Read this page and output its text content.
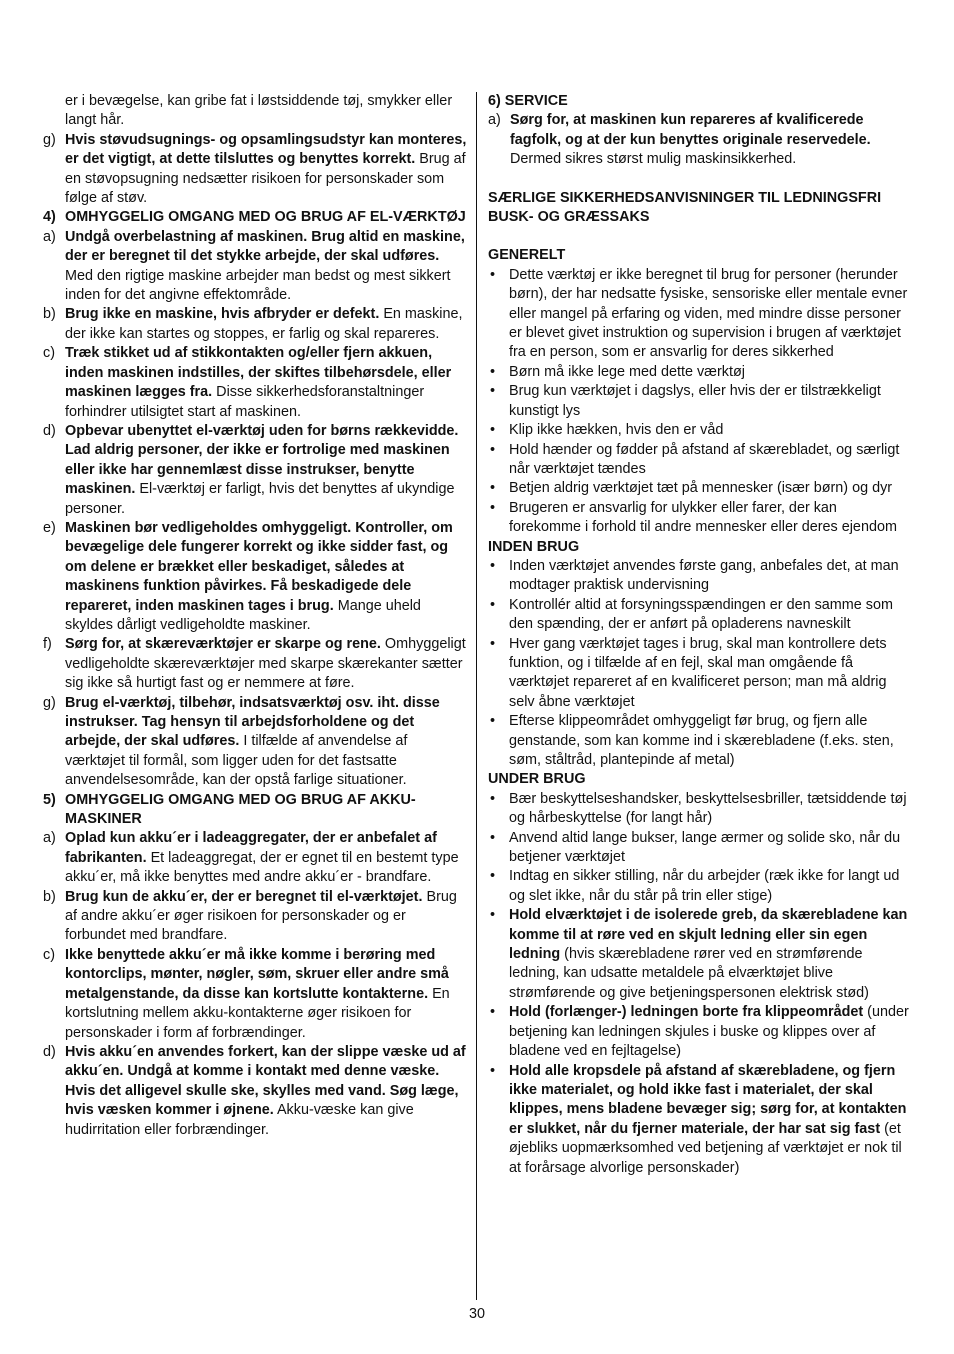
er i bevægelse, kan gribe fat i løstsiddende tøj, smykker eller langt hår.
g) Hvis støvudsugnings- og opsamlingsudstyr kan monteres, er det vigtigt, at dette tilsluttes og benyttes korrekt. Brug af en støvopsugning nedsætter risikoen for personskader som følge af støv.
4) OMHYGGELIG OMGANG MED OG BRUG AF EL-VÆRKTØJ
a) Undgå overbelastning af maskinen. Brug altid en maskine, der er beregnet til det stykke arbejde, der skal udføres. Med den rigtige maskine arbejder man bedst og mest sikkert inden for det angivne effektområde.
b) Brug ikke en maskine, hvis afbryder er defekt. En maskine, der ikke kan startes og stoppes, er farlig og skal repareres.
c) Træk stikket ud af stikkontakten og/eller fjern akkuen, inden maskinen indstilles, der skiftes tilbehørsdele, eller maskinen lægges fra. Disse sikkerhedsforanstaltninger forhindrer utilsigtet start af maskinen.
d) Opbevar ubenyttet el-værktøj uden for børns rækkevidde. Lad aldrig personer, der ikke er fortrolige med maskinen eller ikke har gennemlæst disse instrukser, benytte maskinen. El-værktøj er farligt, hvis det benyttes af ukyndige personer.
e) Maskinen bør vedligeholdes omhyggeligt. Kontroller, om bevægelige dele fungerer korrekt og ikke sidder fast, og om delene er brækket eller beskadiget, således at maskinens funktion påvirkes. Få beskadigede dele repareret, inden maskinen tages i brug. Mange uheld skyldes dårligt vedligeholdte maskiner.
f) Sørg for, at skæreværktøjer er skarpe og rene. Omhyggeligt vedligeholdte skæreværktøjer med skarpe skærekanter sætter sig ikke så hurtigt fast og er nemmere at føre.
g) Brug el-værktøj, tilbehør, indsatsværktøj osv. iht. disse instrukser. Tag hensyn til arbejdsforholdene og det arbejde, der skal udføres. I tilfælde af anvendelse af værktøjet til formål, som ligger uden for det fastsatte anvendelsesområde, kan der opstå farlige situationer.
5) OMHYGGELIG OMGANG MED OG BRUG AF AKKU-MASKINER
a) Oplad kun akku´er i ladeaggregater, der er anbefalet af fabrikanten. Et ladeaggregat, der er egnet til en bestemt type akku´er, må ikke benyttes med andre akku´er - brandfare.
b) Brug kun de akku´er, der er beregnet til el-værktøjet. Brug af andre akku´er øger risikoen for personskader og er forbundet med brandfare.
c) Ikke benyttede akku´er må ikke komme i berøring med kontorclips, mønter, nøgler, søm, skruer eller andre små metalgenstande, da disse kan kortslutte kontakterne. En kortslutning mellem akku-kontakterne øger risikoen for personskader i form af forbrændinger.
d) Hvis akku´en anvendes forkert, kan der slippe væske ud af akku´en. Undgå at komme i kontakt med denne væske. Hvis det alligevel skulle ske, skylles med vand. Søg læge, hvis væsken kommer i øjnene. Akku-væske kan give hudirritation eller forbrændinger.
6) SERVICE
a) Sørg for, at maskinen kun repareres af kvalificerede fagfolk, og at der kun benyttes originale reservedele. Dermed sikres størst mulig maskinsikkerhed.
SÆRLIGE SIKKERHEDSANVISNINGER TIL LEDNINGSFRI BUSK- OG GRÆSSAKS
GENERELT
• Dette værktøj er ikke beregnet til brug for personer (herunder børn), der har nedsatte fysiske, sensoriske eller mentale evner eller mangel på erfaring og viden, med mindre disse personer er blevet givet instruktion og supervision i brugen af værktøjet fra en person, som er ansvarlig for deres sikkerhed
• Børn må ikke lege med dette værktøj
• Brug kun værktøjet i dagslys, eller hvis der er tilstrækkeligt kunstigt lys
• Klip ikke hækken, hvis den er våd
• Hold hænder og fødder på afstand af skærebladet, og særligt når værktøjet tændes
• Betjen aldrig værktøjet tæt på mennesker (især børn) og dyr
• Brugeren er ansvarlig for ulykker eller farer, der kan forekomme i forhold til andre mennesker eller deres ejendom
INDEN BRUG
• Inden værktøjet anvendes første gang, anbefales det, at man modtager praktisk undervisning
• Kontrollér altid at forsyningsspændingen er den samme som den spænding, der er anført på opladerens navneskilt
• Hver gang værktøjet tages i brug, skal man kontrollere dets funktion, og i tilfælde af en fejl, skal man omgående få værktøjet repareret af en kvalificeret person; man må aldrig selv åbne værktøjet
• Efterse klippeområdet omhyggeligt før brug, og fjern alle genstande, som kan komme ind i skærebladene (f.eks. sten, søm, ståltråd, plantepinde af metal)
UNDER BRUG
• Bær beskyttelseshandsker, beskyttelsesbriller, tætsiddende tøj og hårbeskyttelse (for langt hår)
• Anvend altid lange bukser, lange ærmer og solide sko, når du betjener værktøjet
• Indtag en sikker stilling, når du arbejder (ræk ikke for langt ud og slet ikke, når du står på trin eller stige)
• Hold elværktøjet i de isolerede greb, da skærebladene kan komme til at røre ved en skjult ledning eller sin egen ledning (hvis skærebladene rører ved en strømførende ledning, kan udsatte metaldele på elværktøjet blive strømførende og give betjeningspersonen elektrisk stød)
• Hold (forlænger-) ledningen borte fra klippeområdet (under betjening kan ledningen skjules i buske og klippes over af bladene ved en fejltagelse)
• Hold alle kropsdele på afstand af skærebladene, og fjern ikke materialet, og hold ikke fast i materialet, der skal klippes, mens bladene bevæger sig; sørg for, at kontakten er slukket, når du fjerner materiale, der har sat sig fast (et øjebliks uopmærksomhed ved betjening af værktøjet er nok til at forårsage alvorlige personskader)
30
